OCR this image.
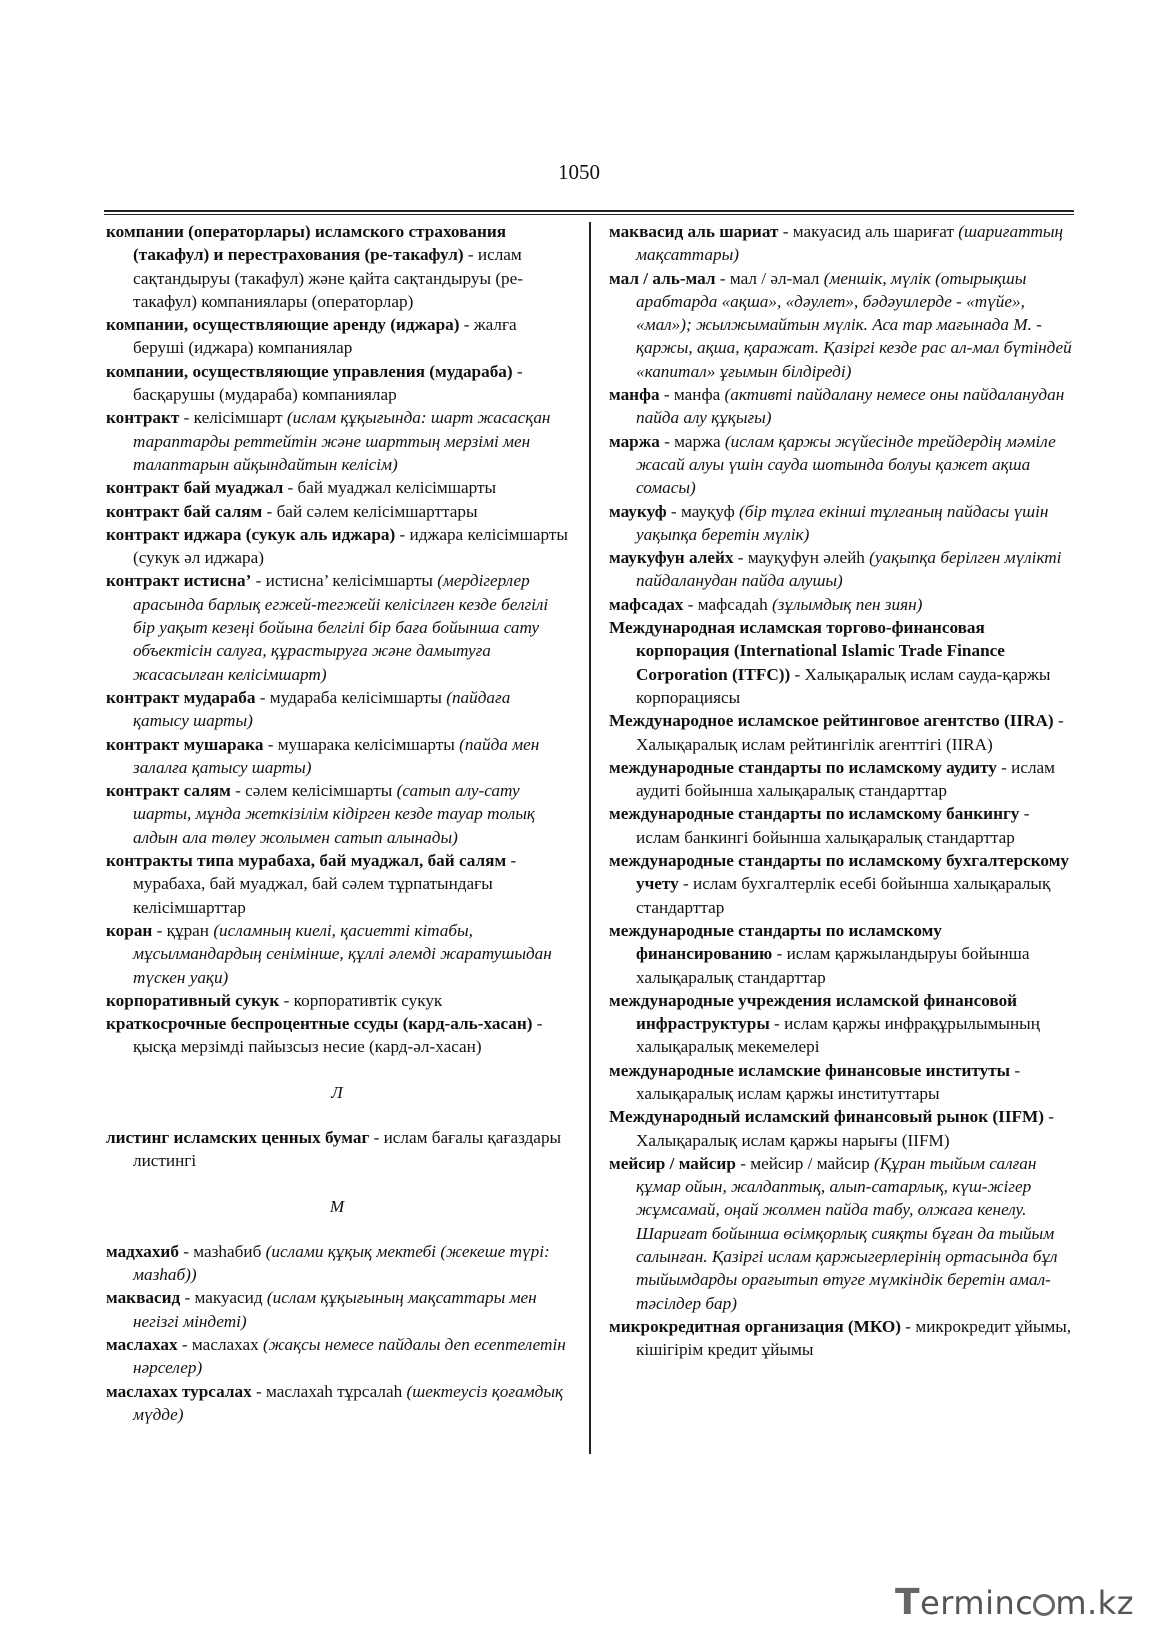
1050

компании (операторлары) исламского страхования (такафул) и перестрахования (ре-такафул) - ислам сақтандыруы (такафул) және қайта сақтандыруы (ре-такафул) компаниялары (операторлар)

компании, осуществляющие аренду (иджара) - жалға беруші (иджара) компаниялар

компании, осуществляющие управления (мудараба) - басқарушы (мудараба) компаниялар

контракт - келісімшарт (ислам құқығында: шарт жасасқан тараптарды реттейтін және шарттың мерзімі мен талаптарын айқындайтын келісім)

контракт бай муаджал - бай муаджал келісімшарты

контракт бай салям - бай сәлем келісімшарттары

контракт иджара (сукук аль иджара) - иджара келісімшарты (сукук әл иджара)

контракт истисна’ - истисна’ келісімшарты (мердігерлер арасында барлық егжей-тегжейі келісілген кезде белгілі бір уақыт кезеңі бойына белгілі бір баға бойынша сату объектісін салуға, құрастыруға және дамытуға жасасылған келісімшарт)

контракт мудараба - мудараба келісімшарты (пайдаға қатысу шарты)

контракт мушарака - мушарака келісімшарты (пайда мен залалға қатысу шарты)

контракт салям - сәлем келісімшарты (сатып алу-сату шарты, мұнда жеткізілім кідірген кезде тауар толық алдын ала төлеу жолымен сатып алынады)

контракты типа мурабаха, бай муаджал, бай салям - мурабаха, бай муаджал, бай сәлем тұрпатындағы келісімшарттар

коран - құран (исламның киелі, қасиетті кітабы, мұсылмандардың сенімінше, құллі әлемді жаратушыдан түскен уақи)

корпоративный сукук - корпоративтік сукук

краткосрочные беспроцентные ссуды (кард-аль-хасан) - қысқа мерзімді пайызсыз несие (кард-әл-хасан)

Л

листинг исламских ценных бумаг - ислам бағалы қағаздары листингі

М

мадхахиб - мазһабиб (ислами құқық мектебі (жекеше түрі: мазһаб))

маквасид - макуасид (ислам құқығының мақсаттары мен негізгі міндеті)

маслахах - маслахах (жақсы немесе пайдалы деп есептелетін нәрселер)

маслахах турсалах - маслахаһ тұрсалаһ (шектеусіз қоғамдық мүдде)

маквасид аль шариат - макуасид аль шариғат (шариғаттың мақсаттары)

мал / аль-мал - мал / әл-мал (меншік, мүлік (отырықшы арабтарда «ақша», «дәулет», бәдәуилерде - «түйе», «мал»); жылжымайтын мүлік. Аса тар мағынада М. - қаржы, ақша, қаражат. Қазіргі кезде рас ал-мал бүтіндей «капитал» ұғымын білдіреді)

манфа - манфа (активті пайдалану немесе оны пайдаланудан пайда алу құқығы)

маржа - маржа (ислам қаржы жүйесінде трейдердің мәміле жасай алуы үшін сауда шотында болуы қажет ақша сомасы)

маукуф - мауқуф (бір тұлға екінші тұлғаның пайдасы үшін уақыпқа беретін мүлік)

маукуфун алейх - мауқуфун әлейһ (уақыпқа берілген мүлікті пайдаланудан пайда алушы)

мафсадах - мафсадаһ (зұлымдық пен зиян)

Международная исламская торгово-финансовая корпорация (International Islamic Trade Finance Corporation (ITFC)) - Халықаралық ислам сауда-қаржы корпорациясы

Международное исламское рейтинговое агентство (IIRA) - Халықаралық ислам рейтингілік агенттігі (IIRA)

международные стандарты по исламскому аудиту - ислам аудиті бойынша халықаралық стандарттар

международные стандарты по исламскому банкингу - ислам банкингі бойынша халықаралық стандарттар

международные стандарты по исламскому бухгалтерскому учету - ислам бухгалтерлік есебі бойынша халықаралық стандарттар

международные стандарты по исламскому финансированию - ислам қаржыландыруы бойынша халықаралық стандарттар

международные учреждения исламской финансовой инфраструктуры - ислам қаржы инфрақұрылымының халықаралық мекемелері

международные исламские финансовые институты - халықаралық ислам қаржы институттары

Международный исламский финансовый рынок (IIFM) - Халықаралық ислам қаржы нарығы (IIFM)

мейсир / майсир - мейсир / майсир (Құран тыйым салған құмар ойын, жалдаптық, алып-сатарлық, күш-жігер жұмсамай, оңай жолмен пайда табу, олжаға кенелу. Шариғат бойынша өсімқорлық сияқты бұған да тыйым салынған. Қазіргі ислам қаржыгерлерінің ортасында бұл тыйымдарды орағытып өтуге мүмкіндік беретін амал-тәсілдер бар)

микрокредитная организация (МКО) - микрокредит ұйымы, кішігірім кредит ұйымы

Terminc m.kz
